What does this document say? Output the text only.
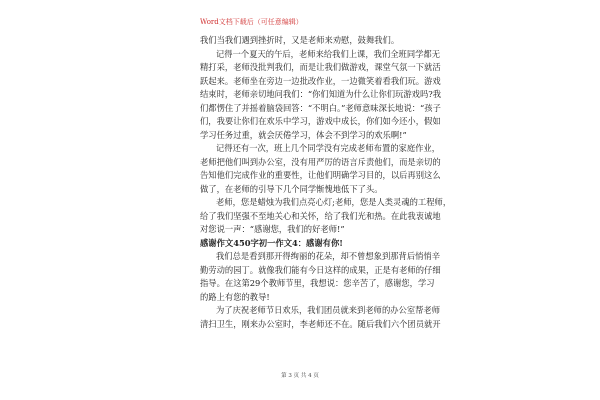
Word文档下载后（可任意编辑）
我们当我们遇到挫折时，又是老师来劝慰，鼓舞我们。
记得一个夏天的午后，老师来给我们上课，我们全班同学都无
精打采，老师没批判我们，而是让我们做游戏，课堂气氛一下就活
跃起来。老师坐在旁边一边批改作业，一边微笑着看我们玩。游戏
结束时，老师亲切地问我们：“你们知道为什么让你们玩游戏吗?我
们都愣住了并摇着脑袋回答：“不明白。”老师意味深长地说：“孩子
们，我要让你们在欢乐中学习，游戏中成长，你们如今还小，假如
学习任务过重，就会厌倦学习，体会不到学习的欢乐啊!”
记得还有一次，班上几个同学没有完成老师布置的家庭作业，
老师把他们叫到办公室，没有用严厉的语言斥责他们，而是亲切的
告知他们完成作业的重要性，让他们明确学习目的，以后再别这么
做了，在老师的引导下几个同学惭愧地低下了头。
老师，您是蜡烛为我们点亮心灯;老师，您是人类灵魂的工程师，
给了我们坚强不至地关心和关怀，给了我们光和热。在此我衷诚地
对您说一声：“感谢您，我们的好老师!”
感谢作文450字初一作文4：感谢有你!
我们总是看到那开得绚丽的花朵，却不曾想象到那背后悄悄辛
勤劳动的园丁。就像我们能有今日这样的成果，正是有老师的仔细
指导。在这第29个教师节里，我想说：您辛苦了，感谢您，学习
的路上有您的教导!
为了庆祝老师节日欢乐，我们团员就来到老师的办公室帮老师
清扫卫生，刚来办公室时，李老师还不在。随后我们六个团员就开
第 3 页 共 4 页
